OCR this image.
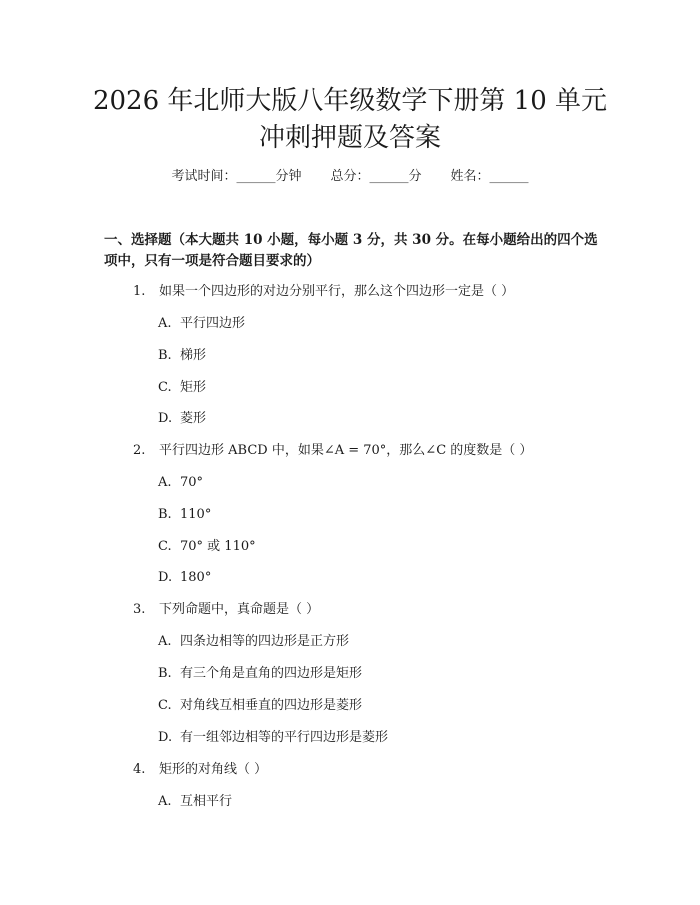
2026 年北师大版八年级数学下册第 10 单元
冲刺押题及答案
考试时间：______分钟 总分：______分 姓名：______
一、选择题（本大题共 10 小题，每小题 3 分，共 30 分。在每小题给出的四个选
项中，只有一项是符合题目要求的）
1. 如果一个四边形的对边分别平行，那么这个四边形一定是（ ）
A. 平行四边形
B. 梯形
C. 矩形
D. 菱形
2. 平行四边形 ABCD 中，如果∠A = 70°，那么∠C 的度数是（ ）
A. 70°
B. 110°
C. 70° 或 110°
D. 180°
3. 下列命题中，真命题是（ ）
A. 四条边相等的四边形是正方形
B. 有三个角是直角的四边形是矩形
C. 对角线互相垂直的四边形是菱形
D. 有一组邻边相等的平行四边形是菱形
4. 矩形的对角线（ ）
A. 互相平行
